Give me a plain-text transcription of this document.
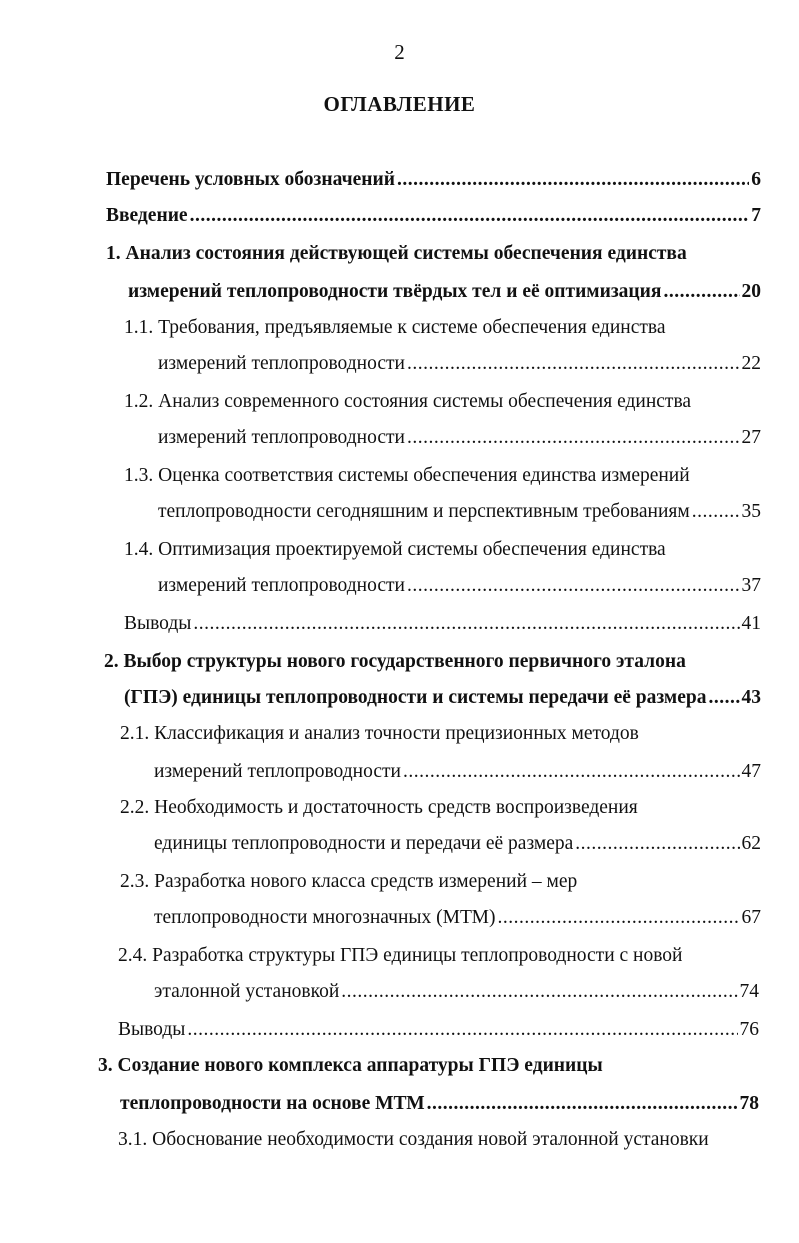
2
ОГЛАВЛЕНИЕ
Перечень условных обозначений .....	6
Введение .....	7
1. Анализ состояния действующей системы обеспечения единства
измерений теплопроводности твёрдых тел и её оптимизация .....	20
1.1. Требования, предъявляемые к системе обеспечения единства
измерений теплопроводности .....	22
1.2. Анализ современного состояния системы обеспечения единства
измерений теплопроводности .....	27
1.3. Оценка соответствия системы обеспечения единства измерений
теплопроводности сегодняшним и перспективным требованиям .....	35
1.4. Оптимизация проектируемой системы обеспечения единства
измерений теплопроводности .....	37
Выводы .....	41
2. Выбор структуры нового государственного первичного эталона
(ГПЭ) единицы теплопроводности и системы передачи её размера ..... 43
2.1. Классификация и анализ точности прецизионных методов
измерений теплопроводности .....	47
2.2. Необходимость и достаточность средств воспроизведения
единицы теплопроводности и передачи её размера .....	62
2.3. Разработка нового класса средств измерений – мер
теплопроводности многозначных (МТМ) .....	67
2.4. Разработка структуры ГПЭ единицы теплопроводности с новой
эталонной установкой .....	74
Выводы .....	76
3. Создание нового комплекса аппаратуры ГПЭ единицы
теплопроводности на основе МТМ .....	78
3.1. Обоснование необходимости создания новой эталонной установки
